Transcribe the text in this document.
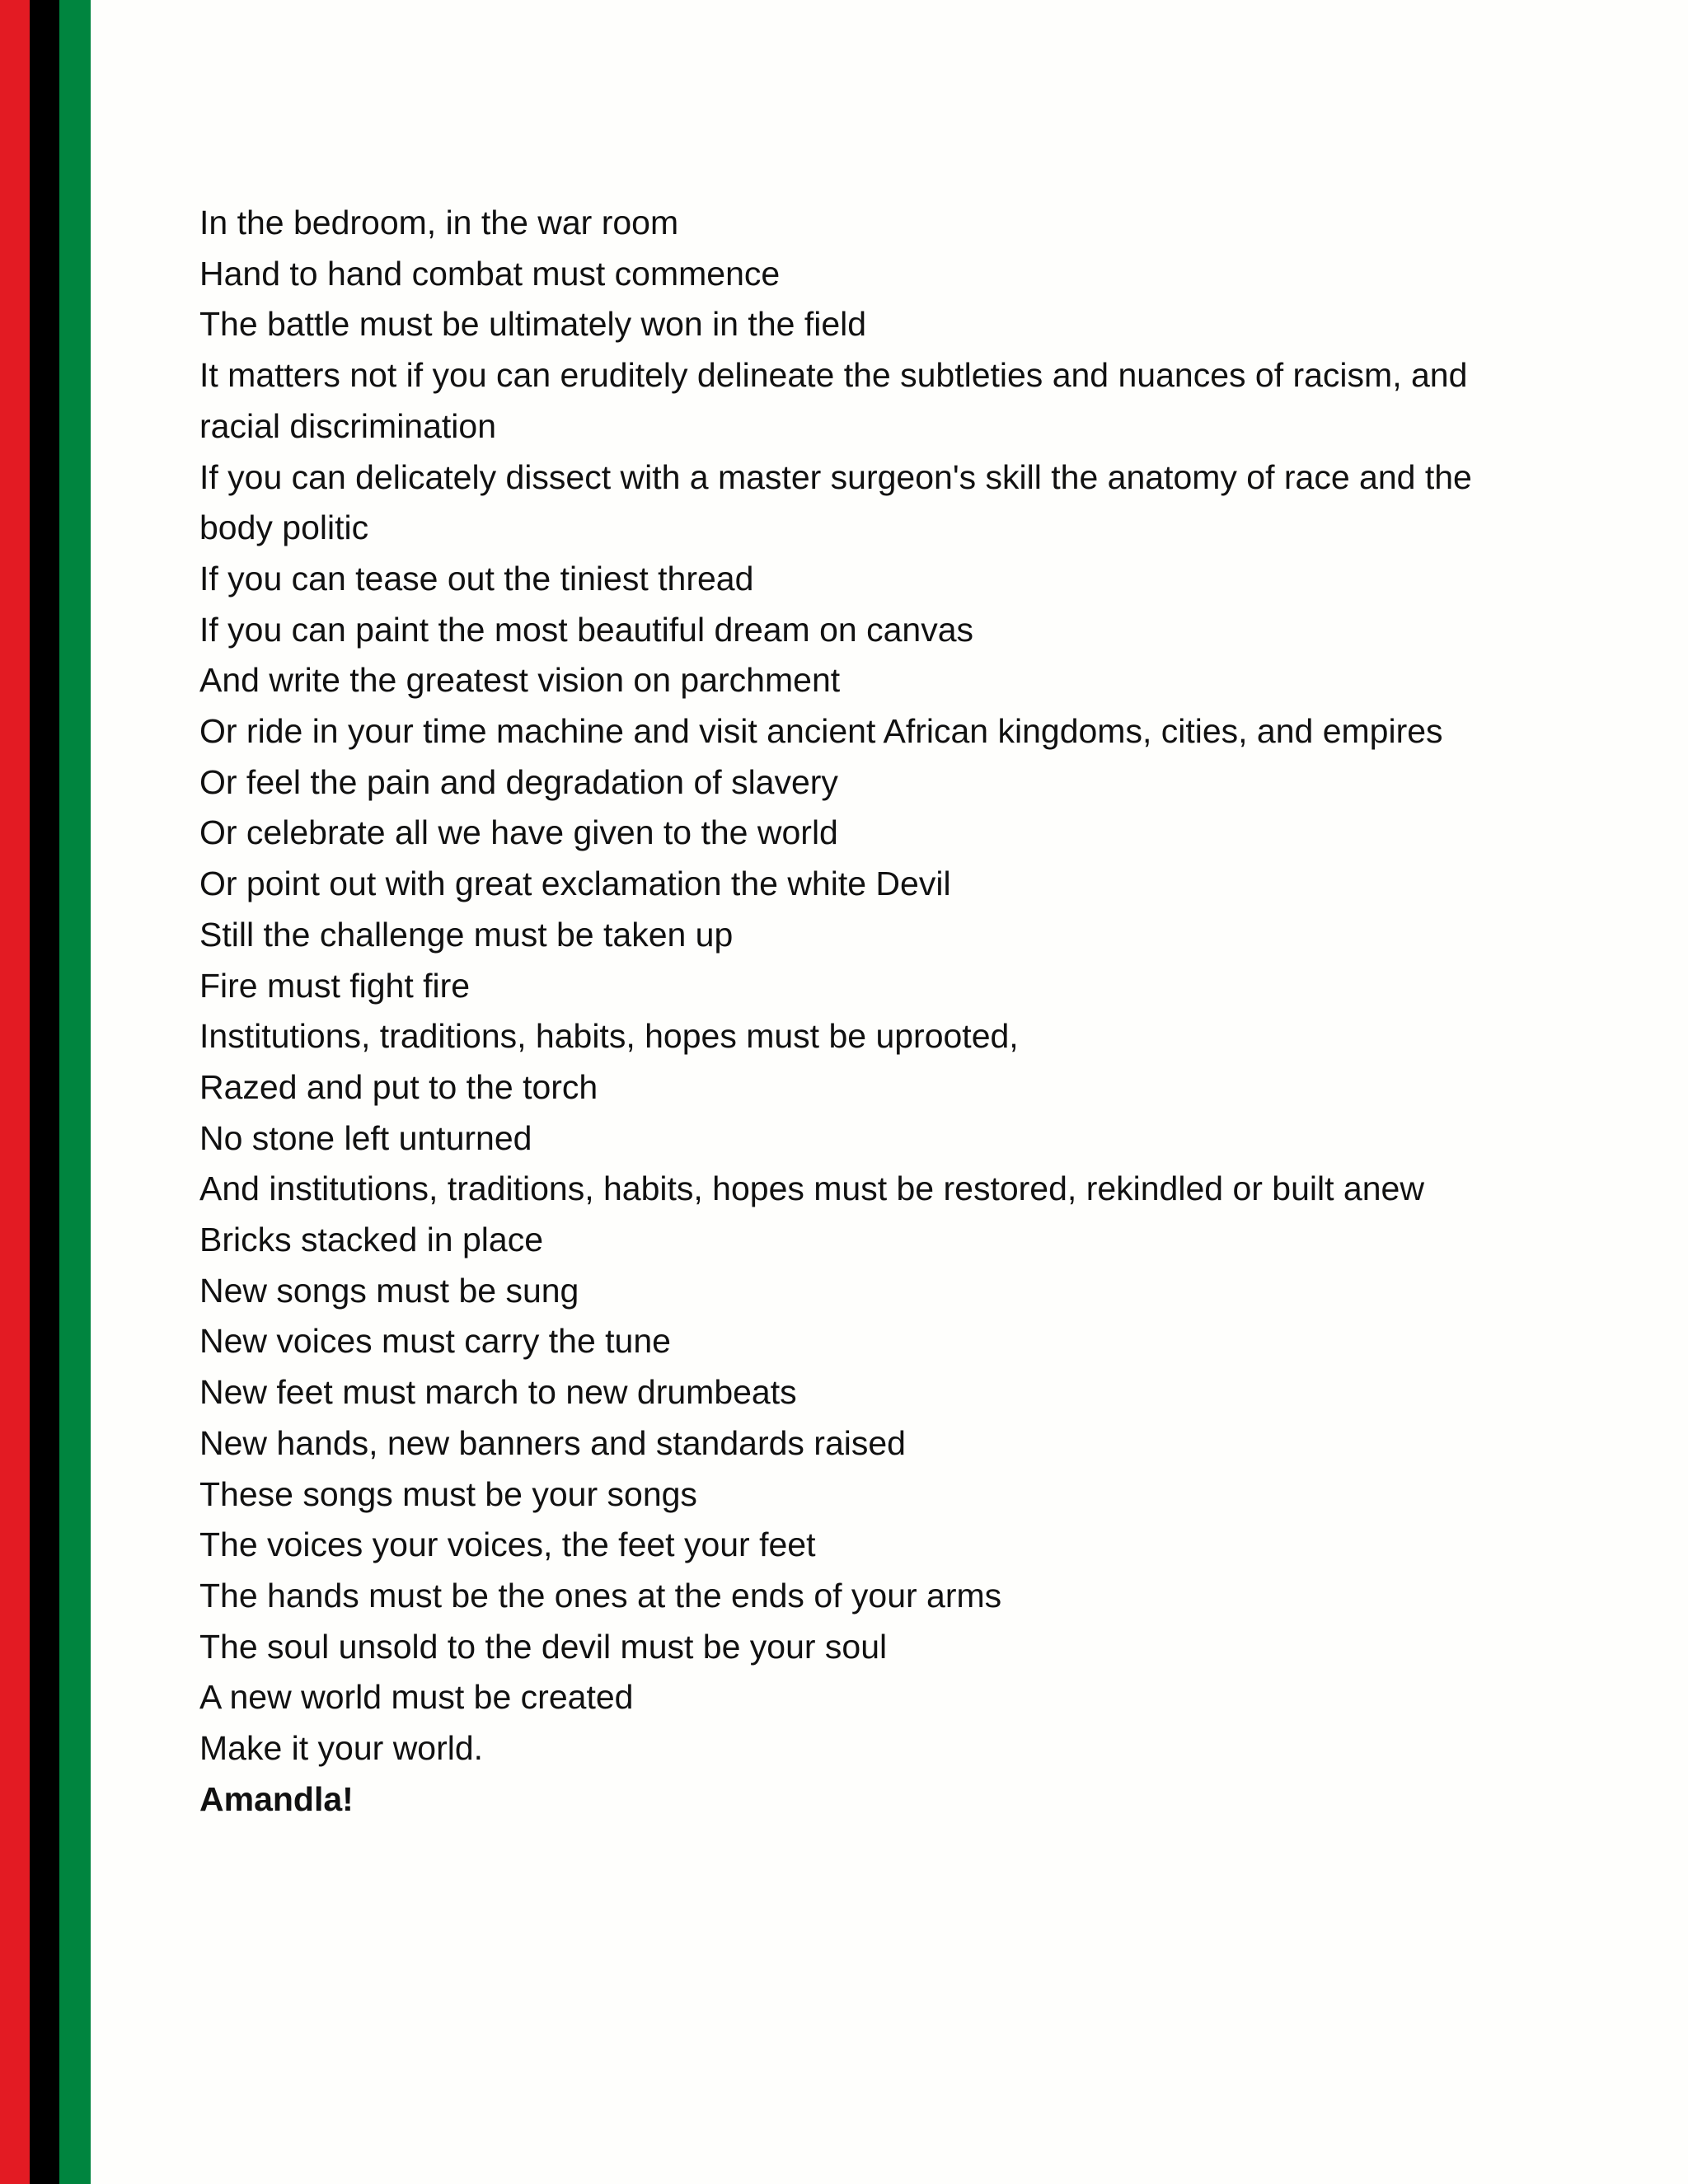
In the bedroom, in the war room
Hand to hand combat must commence
The battle must be ultimately won in the field
It matters not if you can eruditely delineate the subtleties and nuances of racism, and racial discrimination
If you can delicately dissect with a master surgeon's skill the anatomy of race and the body politic
If you can tease out the tiniest thread
If you can paint the most beautiful dream on canvas
And write the greatest vision on parchment
Or ride in your time machine and visit ancient African kingdoms, cities, and empires
Or feel the pain and degradation of slavery
Or celebrate all we have given to the world
Or point out with great exclamation the white Devil
Still the challenge must be taken up
Fire must fight fire
Institutions, traditions, habits, hopes must be uprooted,
Razed and put to the torch
No stone left unturned
And institutions, traditions, habits, hopes must be restored, rekindled or built anew
Bricks stacked in place
New songs must be sung
New voices must carry the tune
New feet must march to new drumbeats
New hands, new banners and standards raised
These songs must be your songs
The voices your voices, the feet your feet
The hands must be the ones at the ends of your arms
The soul unsold to the devil must be your soul
A new world must be created
Make it your world.
Amandla!
